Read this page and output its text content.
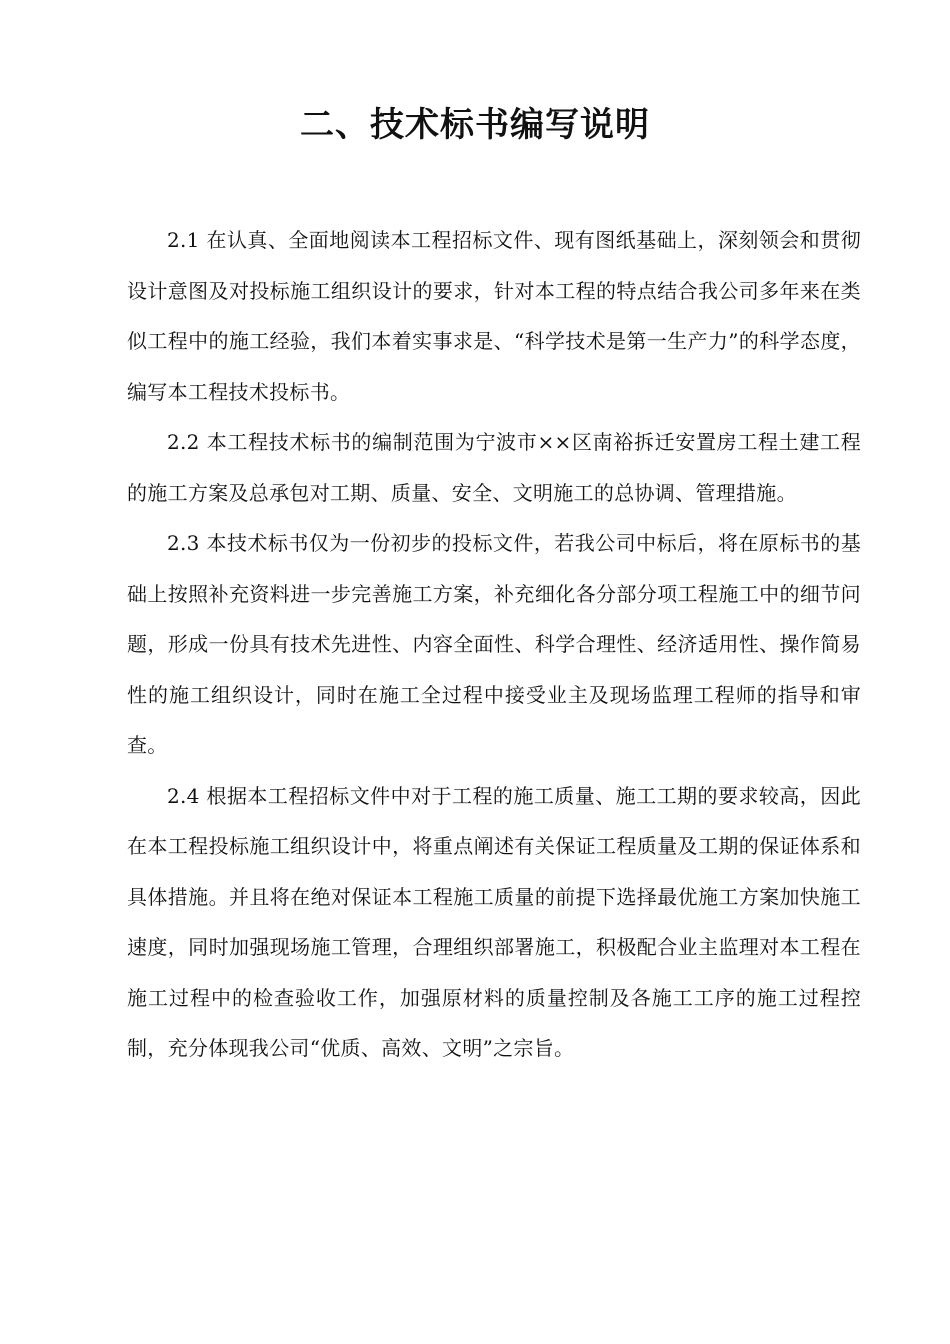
二、技术标书编写说明

2.1 在认真、全面地阅读本工程招标文件、现有图纸基础上，深刻领会和贯彻设计意图及对投标施工组织设计的要求，针对本工程的特点结合我公司多年来在类似工程中的施工经验，我们本着实事求是、“科学技术是第一生产力”的科学态度，编写本工程技术投标书。

2.2 本工程技术标书的编制范围为宁波市××区南裕拆迁安置房工程土建工程的施工方案及总承包对工期、质量、安全、文明施工的总协调、管理措施。

2.3 本技术标书仅为一份初步的投标文件，若我公司中标后，将在原标书的基础上按照补充资料进一步完善施工方案，补充细化各分部分项工程施工中的细节问题，形成一份具有技术先进性、内容全面性、科学合理性、经济适用性、操作简易性的施工组织设计，同时在施工全过程中接受业主及现场监理工程师的指导和审查。

2.4 根据本工程招标文件中对于工程的施工质量、施工工期的要求较高，因此在本工程投标施工组织设计中，将重点阐述有关保证工程质量及工期的保证体系和具体措施。并且将在绝对保证本工程施工质量的前提下选择最优施工方案加快施工速度，同时加强现场施工管理，合理组织部署施工，积极配合业主监理对本工程在施工过程中的检查验收工作，加强原材料的质量控制及各施工工序的施工过程控制，充分体现我公司“优质、高效、文明”之宗旨。
